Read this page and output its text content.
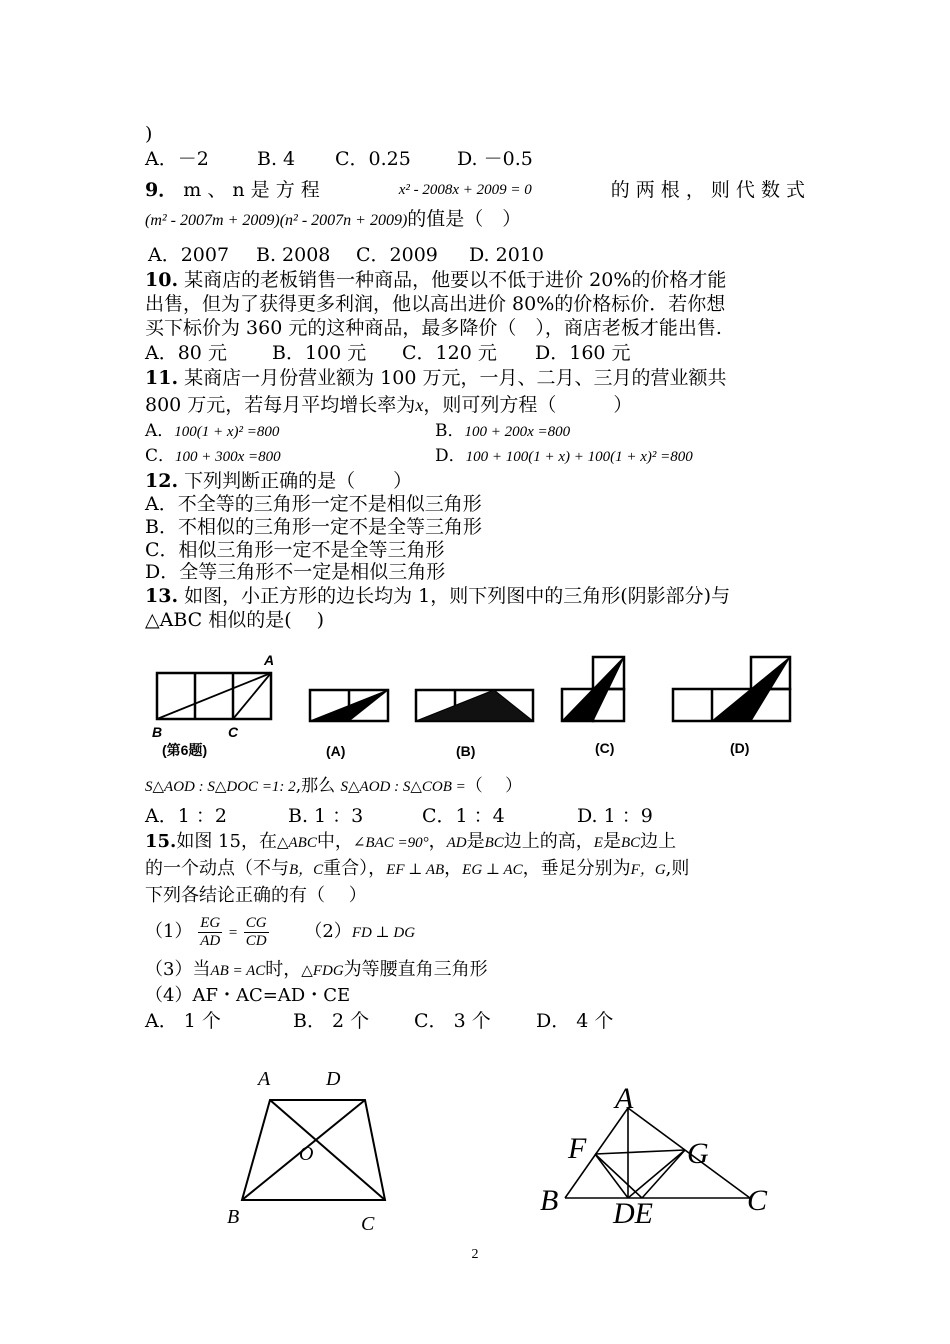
)
A．－2	B. 4 C．0.25 D. －0.5
9． m 、 n 是 方 程	x² - 2008x + 2009 = 0	的 两 根 ， 则 代 数 式
(m² - 2007m + 2009)(n² - 2007n + 2009)的值是（　）
A．2007 B. 2008 C．2009 D. 2010
10. 某商店的老板销售一种商品，他要以不低于进价 20%的价格才能
出售，但为了获得更多利润，他以高出进价 80%的价格标价．若你想
买下标价为 360 元的这种商品，最多降价（　），商店老板才能出售.
A．80 元 B．100 元 C．120 元 D．160 元
11. 某商店一月份营业额为 100 万元，一月、二月、三月的营业额共
800 万元，若每月平均增长率为x，则可列方程（　　　）
A．100(1 + x)² =800	B．100 + 200x =800
C．100 + 300x =800	D．100 + 100(1 + x) + 100(1 + x)² =800
12. 下列判断正确的是（　　）
A．不全等的三角形一定不是相似三角形
B．不相似的三角形一定不是全等三角形
C．相似三角形一定不是全等三角形
D．全等三角形不一定是相似三角形
13. 如图，小正方形的边长均为 1，则下列图中的三角形(阴影部分)与
△ABC 相似的是(　 )
A
B	C
(第6题)	(A)	(B)	(C)	(D)
S△AOD : S△DOC =1: 2,那么 S△AOD : S△COB =（　 ）
A．1 ：2	B. 1 ：3	C．1 ：4	D. 1 ：9
15.如图 15，在△ABC中，∠BAC =90°，AD是BC边上的高，E是BC边上
的一个动点（不与B，C重合），EF ⊥ AB，EG ⊥ AC，垂足分别为F，G,则
下列各结论正确的有（　 ）
$(1) \frac{EG}{AD} = \frac{CG}{CD} (2)FD$ ⊥ DG
（3）当AB = AC时，△FDG为等腰直角三角形
（4）AF・AC=AD・CE
A． 1 个	B． 2 个 C． 3 个 D． 4 个
A	D
O
B	C
A
F	G
B DE	C
2
